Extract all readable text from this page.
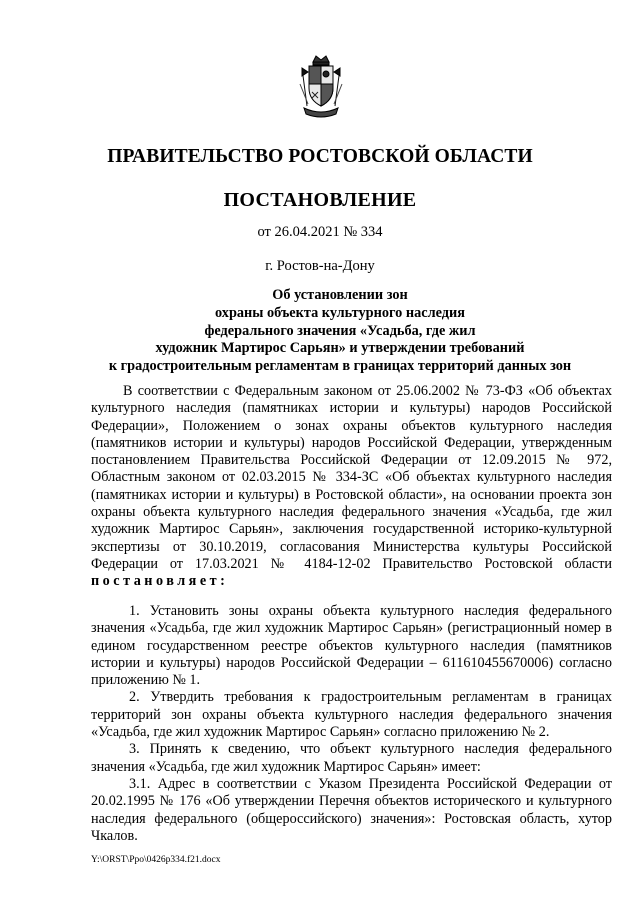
ПРАВИТЕЛЬСТВО РОСТОВСКОЙ ОБЛАСТИ
ПОСТАНОВЛЕНИЕ
от 26.04.2021 № 334
г. Ростов-на-Дону
Об установлении зон
охраны объекта культурного наследия
федерального значения «Усадьба, где жил
художник Мартирос Сарьян» и утверждении требований
к градостроительным регламентам в границах территорий данных зон

В соответствии с Федеральным законом от 25.06.2002 № 73-ФЗ «Об объектах культурного наследия (памятниках истории и культуры) народов Российской Федерации», Положением о зонах охраны объектов культурного наследия (памятников истории и культуры) народов Российской Федерации, утвержденным постановлением Правительства Российской Федерации от 12.09.2015 № 972, Областным законом от 02.03.2015 № 334-ЗС «Об объектах культурного наследия (памятниках истории и культуры) в Ростовской области», на основании проекта зон охраны объекта культурного наследия федерального значения «Усадьба, где жил художник Мартирос Сарьян», заключения государственной историко-культурной экспертизы от 30.10.2019, согласования Министерства культуры Российской Федерации от 17.03.2021 № 4184-12-02 Правительство Ростовской области постановляет:

1. Установить зоны охраны объекта культурного наследия федерального значения «Усадьба, где жил художник Мартирос Сарьян» (регистрационный номер в едином государственном реестре объектов культурного наследия (памятников истории и культуры) народов Российской Федерации – 611610455670006) согласно приложению № 1.

2. Утвердить требования к градостроительным регламентам в границах территорий зон охраны объекта культурного наследия федерального значения «Усадьба, где жил художник Мартирос Сарьян» согласно приложению № 2.

3. Принять к сведению, что объект культурного наследия федерального значения «Усадьба, где жил художник Мартирос Сарьян» имеет:

3.1. Адрес в соответствии с Указом Президента Российской Федерации от 20.02.1995 № 176 «Об утверждении Перечня объектов исторического и культурного наследия федерального (общероссийского) значения»: Ростовская область, хутор Чкалов.

Y:\ORST\Ppo\0426p334.f21.docx
